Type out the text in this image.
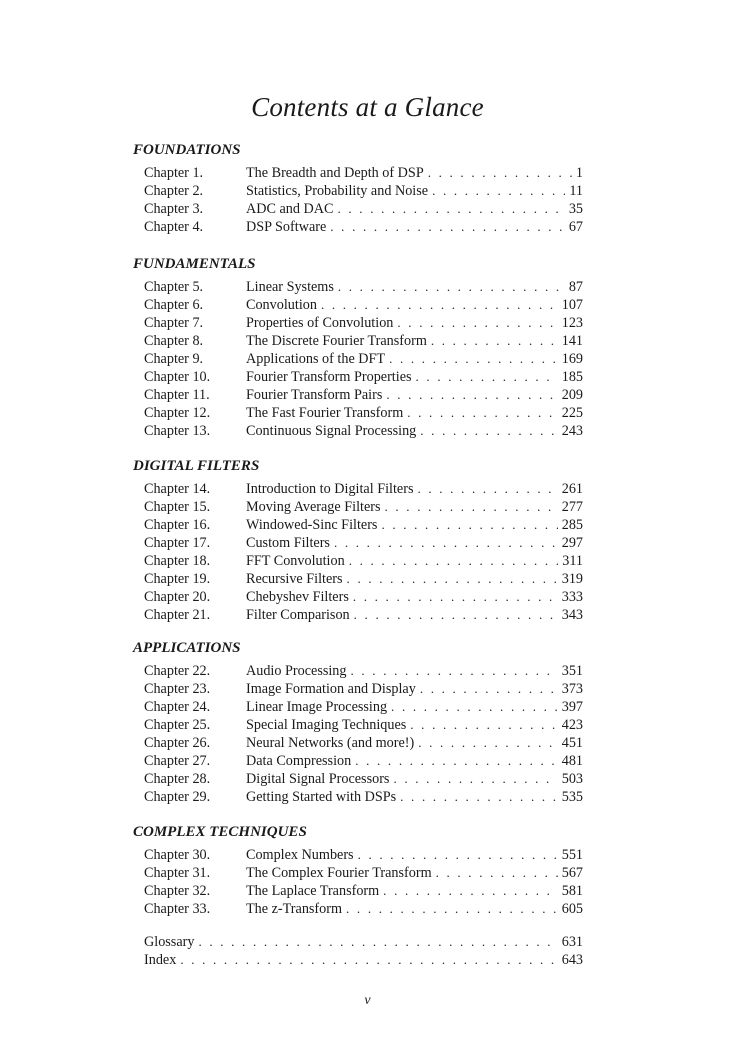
Contents at a Glance
FOUNDATIONS
Chapter 1.	The Breadth and Depth of DSP . . .	1
Chapter 2.	Statistics, Probability and Noise . . .	11
Chapter 3.	ADC and DAC . . .	35
Chapter 4.	DSP Software . . .	67
FUNDAMENTALS
Chapter 5.	Linear Systems . . .	87
Chapter 6.	Convolution . . .	107
Chapter 7.	Properties of Convolution . . .	123
Chapter 8.	The Discrete Fourier Transform . . .	141
Chapter 9.	Applications of the DFT . . .	169
Chapter 10.	Fourier Transform Properties . . .	185
Chapter 11.	Fourier Transform Pairs . . .	209
Chapter 12.	The Fast Fourier Transform . . .	225
Chapter 13.	Continuous Signal Processing . . .	243
DIGITAL FILTERS
Chapter 14.	Introduction to Digital Filters . . .	261
Chapter 15.	Moving Average Filters . . .	277
Chapter 16.	Windowed-Sinc Filters . . .	285
Chapter 17.	Custom Filters . . .	297
Chapter 18.	FFT Convolution . . .	311
Chapter 19.	Recursive Filters . . .	319
Chapter 20.	Chebyshev Filters . . .	333
Chapter 21.	Filter Comparison . . .	343
APPLICATIONS
Chapter 22.	Audio Processing . . .	351
Chapter 23.	Image Formation and Display . . .	373
Chapter 24.	Linear Image Processing . . .	397
Chapter 25.	Special Imaging Techniques . . .	423
Chapter 26.	Neural Networks (and more!) . . .	451
Chapter 27.	Data Compression . . .	481
Chapter 28.	Digital Signal Processors . . .	503
Chapter 29.	Getting Started with DSPs . . .	535
COMPLEX TECHNIQUES
Chapter 30.	Complex Numbers . . .	551
Chapter 31.	The Complex Fourier Transform . . .	567
Chapter 32.	The Laplace Transform . . .	581
Chapter 33.	The z-Transform . . .	605
Glossary . . .	631
Index . . .	643
v
